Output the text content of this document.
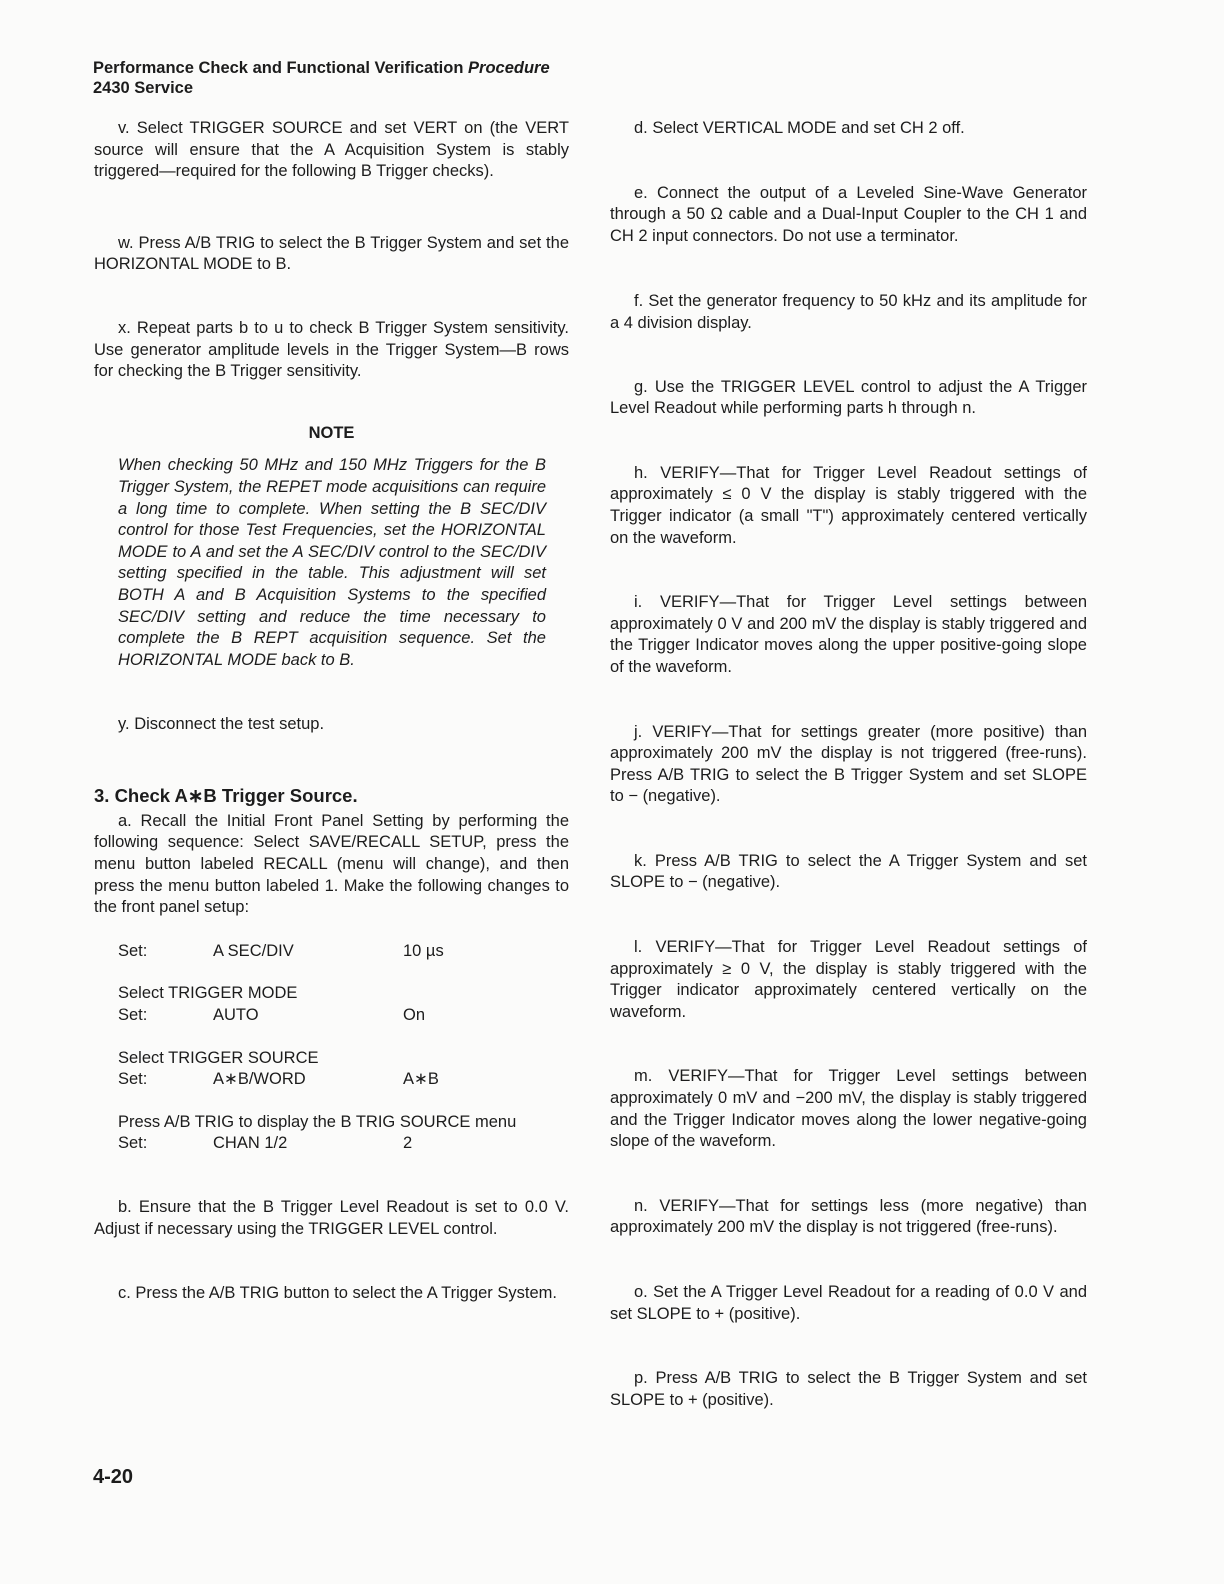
Performance Check and Functional Verification Procedure
2430 Service

v. Select TRIGGER SOURCE and set VERT on (the VERT source will ensure that the A Acquisition System is stably triggered—required for the following B Trigger checks).

w. Press A/B TRIG to select the B Trigger System and set the HORIZONTAL MODE to B.

x. Repeat parts b to u to check B Trigger System sensitivity. Use generator amplitude levels in the Trigger System—B rows for checking the B Trigger sensitivity.

NOTE

When checking 50 MHz and 150 MHz Triggers for the B Trigger System, the REPET mode acquisitions can require a long time to complete. When setting the B SEC/DIV control for those Test Frequencies, set the HORIZONTAL MODE to A and set the A SEC/DIV control to the SEC/DIV setting specified in the table. This adjustment will set BOTH A and B Acquisition Systems to the specified SEC/DIV setting and reduce the time necessary to complete the B REPT acquisition sequence. Set the HORIZONTAL MODE back to B.

y. Disconnect the test setup.

3. Check A∗B Trigger Source.

a. Recall the Initial Front Panel Setting by performing the following sequence: Select SAVE/RECALL SETUP, press the menu button labeled RECALL (menu will change), and then press the menu button labeled 1. Make the following changes to the front panel setup:

Set:	A SEC/DIV	10 µs

Select TRIGGER MODE

Set:	AUTO	On

Select TRIGGER SOURCE

Set:	A∗B/WORD	A∗B

Press A/B TRIG to display the B TRIG SOURCE menu

Set:	CHAN 1/2	2

b. Ensure that the B Trigger Level Readout is set to 0.0 V. Adjust if necessary using the TRIGGER LEVEL control.

c. Press the A/B TRIG button to select the A Trigger System.

d. Select VERTICAL MODE and set CH 2 off.

e. Connect the output of a Leveled Sine-Wave Generator through a 50 Ω cable and a Dual-Input Coupler to the CH 1 and CH 2 input connectors. Do not use a terminator.

f. Set the generator frequency to 50 kHz and its amplitude for a 4 division display.

g. Use the TRIGGER LEVEL control to adjust the A Trigger Level Readout while performing parts h through n.

h. VERIFY—That for Trigger Level Readout settings of approximately ≤ 0 V the display is stably triggered with the Trigger indicator (a small "T") approximately centered vertically on the waveform.

i. VERIFY—That for Trigger Level settings between approximately 0 V and 200 mV the display is stably triggered and the Trigger Indicator moves along the upper positive-going slope of the waveform.

j. VERIFY—That for settings greater (more positive) than approximately 200 mV the display is not triggered (free-runs). Press A/B TRIG to select the B Trigger System and set SLOPE to − (negative).

k. Press A/B TRIG to select the A Trigger System and set SLOPE to − (negative).

l. VERIFY—That for Trigger Level Readout settings of approximately ≥ 0 V, the display is stably triggered with the Trigger indicator approximately centered vertically on the waveform.

m. VERIFY—That for Trigger Level settings between approximately 0 mV and −200 mV, the display is stably triggered and the Trigger Indicator moves along the lower negative-going slope of the waveform.

n. VERIFY—That for settings less (more negative) than approximately 200 mV the display is not triggered (free-runs).

o. Set the A Trigger Level Readout for a reading of 0.0 V and set SLOPE to + (positive).

p. Press A/B TRIG to select the B Trigger System and set SLOPE to + (positive).

4-20
